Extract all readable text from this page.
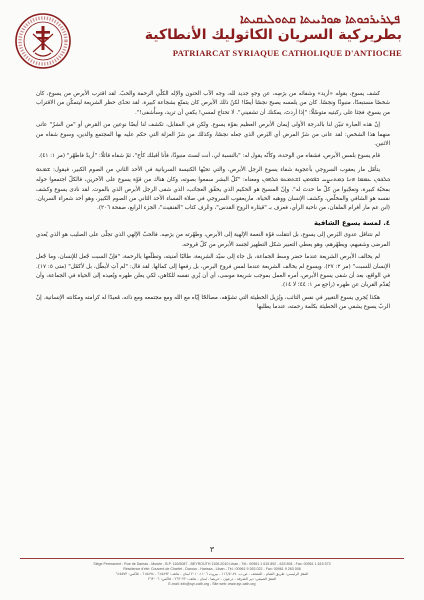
ܦܛܪܝܪܟܘܬܐ ܣܘܪܝܝܬܐ ܩܬܘܠܝܩܝܬܐ
بطريركية السريان الكاثوليك الأنطاكية
PATRIARCAT SYRIAQUE CATHOLIQUE D'ANTIOCHE

كشف يسوع، بقوله «أريد» وشفائه من برَصِه، عن وجهٍ جديد لله، وجه الآب الحنون والإله الكلّي الرحمة والحبّ. لقد اقترب الأبرص من يسوع، كان شخصًا مستبعدًا، منبوذًا ونجسًا. كان من يلمسه يصبح نجسًا أيضًا! لكنّ ذلك الأبرص كان يتمتّع بشجاعة كبيرة. لقد تحدّى حظر الشريعة ليتمكّن من الاقتراب من يسوع، فجثا على ركبتيه متوسّلًا: "إذا أردتَ، يمكنك أن تشفيني". لا تحتاج لمسي! يكفي أن تريد، وسأُشفى!".

إنّ هذه العبارة تبيّن لنا بالدرجة الأولى إيمان الأبرص العظيم بقوّة يسوع. ولكن في المقابل، تكشف لنا أيضًا نوعين من المَرض أو "من الشرّ" عانى منهما هذا الشخص: لقد عانى من شرّ المرض أي البَرص الذي جعله نجسًا، وكذلك من شرّ العزلة التي حكم عليه بها المجتمع والدين، وسوع شفاه من الاثنين.

قام يسوع بلمس الأبرص، فشفاه من الوحدة، وكأنّه يقول له: "بالنسبة لي، أنت لستَ منبوذًا، فأنا أقبلك كأخ"، ثمّ شفاه قائلًا: "أريدُ فاطهُر" (مر ١: ٤١).

يتأمّل مار يعقوب السروجي بأعجوبة شفاء يسوع الرجل الأبرص، والتي تحيّها الكنيسة السريانية في الأحد الثاني من الصوم الكبير، فيقول: ܫܡܥܘ ܟܠܟܘܢ ܥܡܡܐ ܗܢܐ ܕܡܬܢܨܚ ܒܦܘܡܢ ܐܫܬܡܥܘ ܟܠܗܘܢ ومعناه: "كلّ البشر سمعوا بصوته، وكان هناك من قوّة يسوع على الآخرين، فالكلّ اجتمعوا حوله بمحبّة كبيرة، وتعجّبوا من كلّ ما حدث له". وإنّ المسيح هو الحكيم الذي يحقّق العجائب، الذي شفى الرجل الأبرص الذي بالموت. لقد نادى يسوع وكشف نفسه هو الشافي والمخلّص، وكشف الإنسان ووهبه الحياة. ماريعقوب السروجي في صلاة المساء الأحد الثاني من الصوم الكبير، وهو أحد شعراء السريان. (ابن عم مار أفرام الملفان، من ناحية الرأي، فعرف بـ "قيثارة الروح القدس"، وعُرف كتاب "الفنقيث"، الجزء الرابع، صفحة ٢٠٦).

٤. لمسة يسوع الشافية

لم نتناقل عدوى البَرص إلى يسوع، بل انتقلت قوّة النعمة الإلهية إلى الأبرص، وطهّرته من برَصِه. فالحبّ الإلهي الذي تجلّى على الصليب هو الذي يُعدي المرضى وشفيهم، ويطهّرهم، وهو يعطي التعبير شكل التطهير لجسد الأبرص من كلّ قروحه.

لم يخالف الأبرص الشريعة عندما حضر وسط الجماعة، بل جاء إلى سيّد الشريعة، طالبًا أمنيته، وتطلّعها بالرحمة، "فإنّ السبت جُعل للإنسان، وما جُعل الإنسان للسبت" (مر ٢: ٢٧). ويسوع لم يخالف الشريعة عندما لمس فروح البرص، بل رفعها إلى كمالها. لقد قال: "لم آتِ لأبطُل، بل لأكمّل" (متى ٥: ١٧). في الواقع، بعد أن شفى يسوع الأبرص، أمره العمل بموجب شريعة موسى، أي أن يُري نفسه للكاهن، لكي يعلن طهره ويُعيده إلى الحياة في الجماعة، وأن يُقدّم القربان عن طهره (راجع مر ١: ٤٤؛ لا ١٤).

هكذا يُجري يسوع التغيير في نفس التائب، ويُزيل الخطيئة التي تشوّهه، مصالحًا إيّاه مع الله ومع مجتمعه ومع ذاته، مُعيدًا له كرامته ومكانته الإنسانية. إنّ الربّ يسوع يشفي من الخطيئة بكلمة رحمته، عندما يطلبها

٣
Siège Permanent : Rue de Damas - Musée - B.P. 116/5087 - BEYROUTH 1106-2010 Liban - Tél.: 00961 1 615 892 - 615 894 - Fax: 00961 1 615 573
Résidence d'été: Couvent de Charfet - Daroun - Harissa - Liban - Tél.: 00961 9 263 022 - Fax: 00961 9 263 006
المقرّ الرئيسي: طريق الشام - المتحف - ص.ب. ١١٦/٥٠٨٧ - بيروت ١١٠٦-٢٠١٠ لبنان - هاتف: ٦١٥٨٩٢ - ٦١٥٨٩٤ - فاكس: ٦١٥٥٧٣
المقرّ الصيفي: دير الشرفة - درعون - حريصا - لبنان - هاتف: ٢٦٣٠٢٢ - فاكس: ٢٦٣٠٠٦
E-mail: info@syr-cath.org - Site web: www.syr-cath.org
